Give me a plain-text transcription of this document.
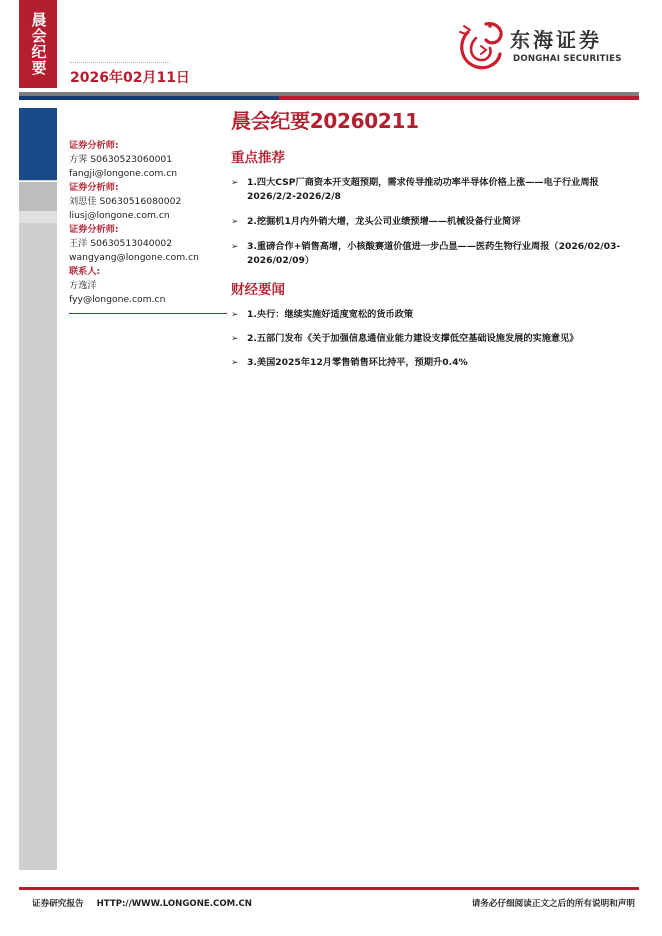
晨会纪要
2026年02月11日
东海证券
DONGHAI SECURITIES
证券分析师:
方霁 S0630523060001
fangji@longone.com.cn
证券分析师:
刘思佳 S0630516080002
liusj@longone.com.cn
证券分析师:
王洋 S0630513040002
wangyang@longone.com.cn
联系人:
方逸洋
fyy@longone.com.cn
晨会纪要20260211
重点推荐
➢ 1.四大CSP厂商资本开支超预期，需求传导推动功率半导体价格上涨——电子行业周报2026/2/2-2026/2/8
➢ 2.挖掘机1月内外销大增，龙头公司业绩预增——机械设备行业简评
➢ 3.重磅合作+销售高增，小核酸赛道价值进一步凸显——医药生物行业周报（2026/02/03-2026/02/09）
财经要闻
➢ 1.央行：继续实施好适度宽松的货币政策
➢ 2.五部门发布《关于加强信息通信业能力建设支撑低空基础设施发展的实施意见》
➢ 3.美国2025年12月零售销售环比持平，预期升0.4%
证券研究报告 HTTP://WWW.LONGONE.COM.CN	请务必仔细阅读正文之后的所有说明和声明
